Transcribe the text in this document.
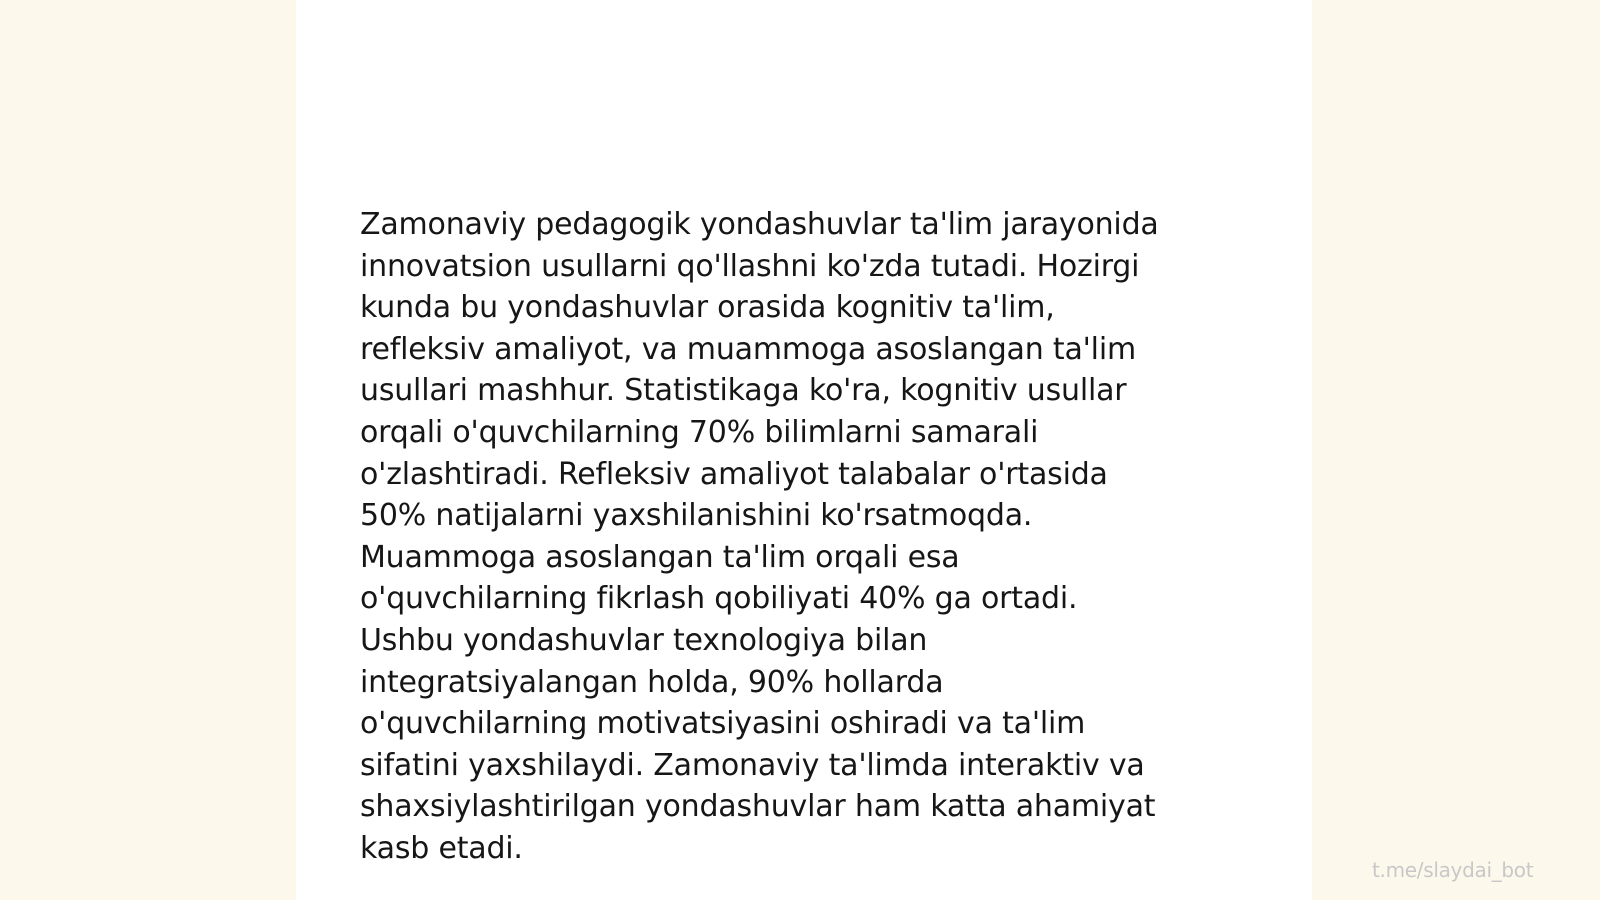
Zamonaviy pedagogik yondashuvlar ta'lim jarayonida
innovatsion usullarni qo'llashni ko'zda tutadi. Hozirgi
kunda bu yondashuvlar orasida kognitiv ta'lim,
refleksiv amaliyot, va muammoga asoslangan ta'lim
usullari mashhur. Statistikaga ko'ra, kognitiv usullar
orqali o'quvchilarning 70% bilimlarni samarali
o'zlashtiradi. Refleksiv amaliyot talabalar o'rtasida
50% natijalarni yaxshilanishini ko'rsatmoqda.
Muammoga asoslangan ta'lim orqali esa
o'quvchilarning fikrlash qobiliyati 40% ga ortadi.
Ushbu yondashuvlar texnologiya bilan
integratsiyalangan holda, 90% hollarda
o'quvchilarning motivatsiyasini oshiradi va ta'lim
sifatini yaxshilaydi. Zamonaviy ta'limda interaktiv va
shaxsiylashtirilgan yondashuvlar ham katta ahamiyat
kasb etadi.
t.me/slaydai_bot
